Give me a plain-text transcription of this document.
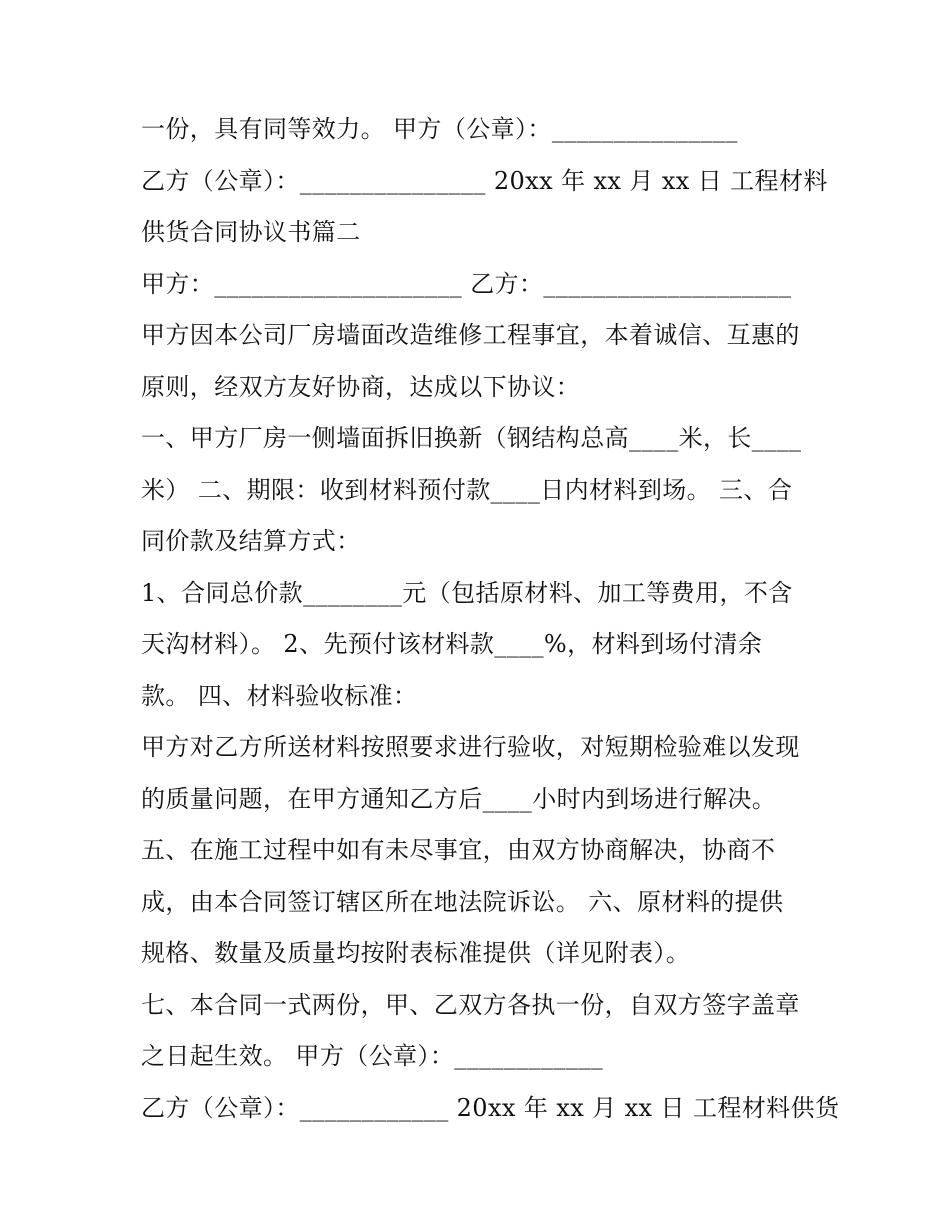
一份，具有同等效力。 甲方（公章）：_______________
乙方（公章）：_______________ 20xx 年 xx 月 xx 日 工程材料
供货合同协议书篇二
甲方：____________________ 乙方：____________________
甲方因本公司厂房墙面改造维修工程事宜，本着诚信、互惠的
原则，经双方友好协商，达成以下协议：
一、甲方厂房一侧墙面拆旧换新（钢结构总高____米，长____
米） 二、期限：收到材料预付款____日内材料到场。 三、合
同价款及结算方式：
1、合同总价款________元（包括原材料、加工等费用，不含
天沟材料）。 2、先预付该材料款____%，材料到场付清余
款。 四、材料验收标准：
甲方对乙方所送材料按照要求进行验收，对短期检验难以发现
的质量问题，在甲方通知乙方后____小时内到场进行解决。
五、在施工过程中如有未尽事宜，由双方协商解决，协商不
成，由本合同签订辖区所在地法院诉讼。 六、原材料的提供
规格、数量及质量均按附表标准提供（详见附表）。
七、本合同一式两份，甲、乙双方各执一份，自双方签字盖章
之日起生效。 甲方（公章）：____________
乙方（公章）：____________ 20xx 年 xx 月 xx 日 工程材料供货
